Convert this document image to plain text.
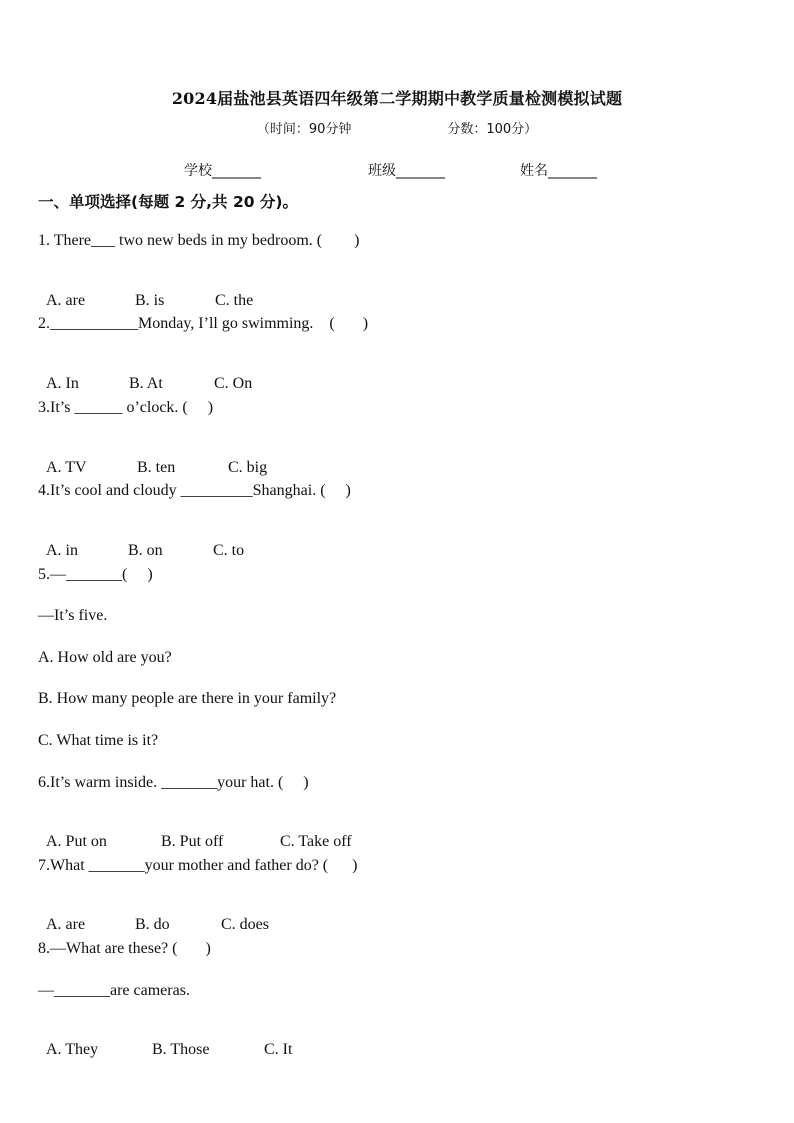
2024届盐池县英语四年级第二学期期中教学质量检测模拟试题
（时间：90分钟	分数：100分）
学校_______	班级_______	姓名_______
一、单项选择(每题 2 分,共 20 分)。
1. There___ two new beds in my bedroom. (        )

A. are	B. is	C. the

2.___________Monday, I’ll go swimming.    (       )

A. In	B. At	C. On

3.It’s ______ o’clock. (     )

A. TV	B. ten	C. big

4.It’s cool and cloudy _________Shanghai. (     )

A. in	B. on	C. to

5.—_______(     )
—It’s five.
A. How old are you?
B. How many people are there in your family?
C. What time is it?
6.It’s warm inside. _______your hat. (     )

A. Put on	B. Put off	C. Take off

7.What _______your mother and father do? (      )

A. are	B. do	C. does

8.—What are these? (       )
—_______are cameras.

A. They	B. Those	C. It
